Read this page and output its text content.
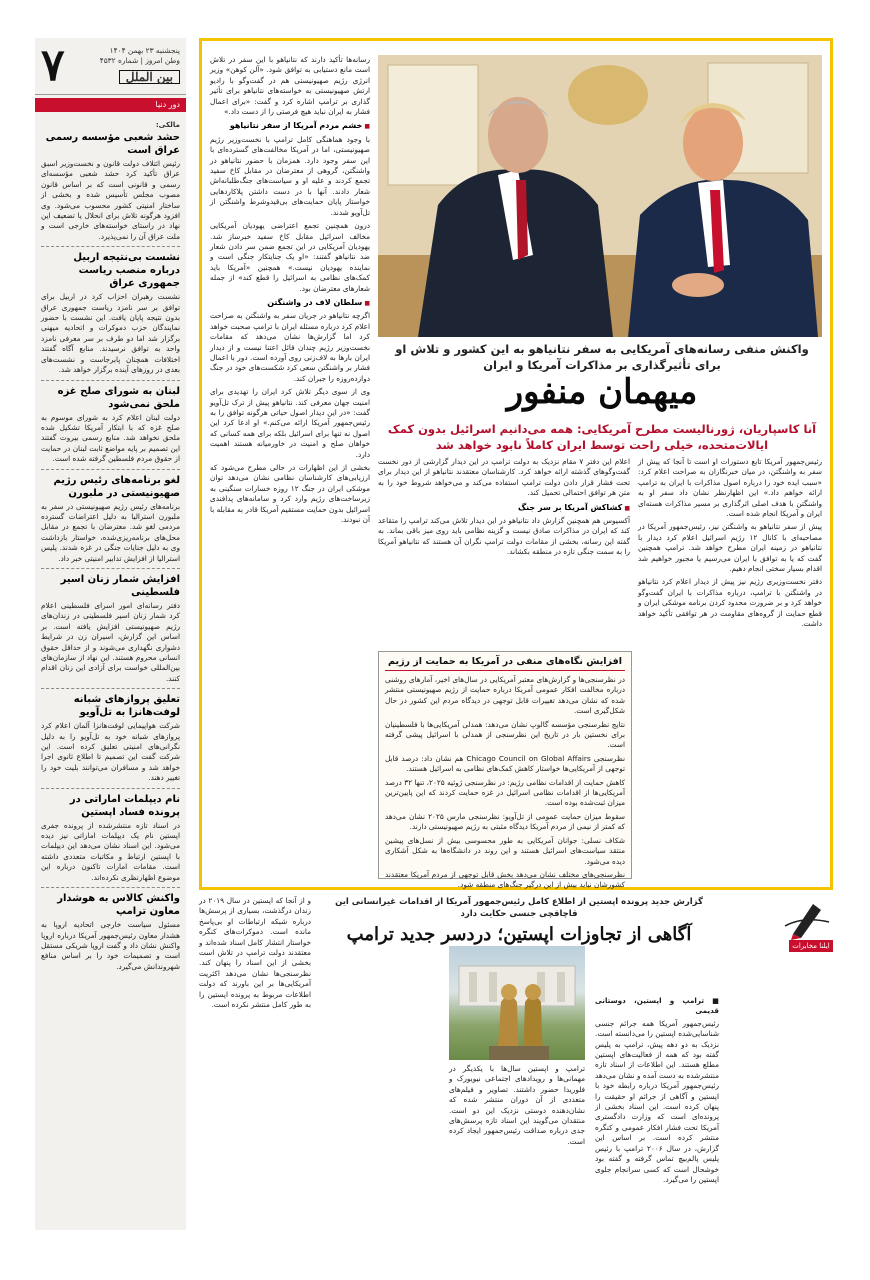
۷	پنجشنبه ۲۳ بهمن ۱۴۰۴
وطن امروز | شماره ۴۵۳۲
بین الملل
دور دنیا
مالکی:
حشد شعبی مؤسسه رسمی عراق است

رئیس ائتلاف دولت قانون و نخست‌وزیر اسبق عراق تأکید کرد حشد شعبی مؤسسه‌ای رسمی و قانونی است که بر اساس قانون مصوب مجلس تأسیس شده و بخشی از ساختار امنیتی کشور محسوب می‌شود. وی افزود هرگونه تلاش برای انحلال یا تضعیف این نهاد در راستای خواسته‌های خارجی است و ملت عراق آن را نمی‌پذیرد.

نشست بی‌نتیجه اربیل درباره منصب ریاست جمهوری عراق

نشست رهبران احزاب کرد در اربیل برای توافق بر سر نامزد ریاست جمهوری عراق بدون نتیجه پایان یافت. این نشست با حضور نمایندگان حزب دموکرات و اتحادیه میهنی برگزار شد اما دو طرف بر سر معرفی نامزد واحد به توافق نرسیدند. منابع آگاه گفتند اختلافات همچنان پابرجاست و نشست‌های بعدی در روزهای آینده برگزار خواهد شد.

لبنان به شورای صلح غزه ملحق نمی‌شود

دولت لبنان اعلام کرد به شورای موسوم به صلح غزه که با ابتکار آمریکا تشکیل شده ملحق نخواهد شد. منابع رسمی بیروت گفتند این تصمیم بر پایه مواضع ثابت لبنان در حمایت از حقوق مردم فلسطین گرفته شده است.

لغو برنامه‌های رئیس رژیم صهیونیستی در ملبورن

برنامه‌های رئیس رژیم صهیونیستی در سفر به ملبورن استرالیا به دلیل اعتراضات گسترده مردمی لغو شد. معترضان با تجمع در مقابل محل‌های برنامه‌ریزی‌شده، خواستار بازداشت وی به دلیل جنایات جنگی در غزه شدند. پلیس استرالیا از افزایش تدابیر امنیتی خبر داد.

افزایش شمار زنان اسیر فلسطینی

دفتر رسانه‌ای امور اسرای فلسطینی اعلام کرد شمار زنان اسیر فلسطینی در زندان‌های رژیم صهیونیستی افزایش یافته است. بر اساس این گزارش، اسیران زن در شرایط دشواری نگهداری می‌شوند و از حداقل حقوق انسانی محروم هستند. این نهاد از سازمان‌های بین‌المللی خواست برای آزادی این زنان اقدام کنند.

تعلیق پروازهای شبانه لوفت‌هانزا به تل‌آویو

شرکت هواپیمایی لوفت‌هانزا آلمان اعلام کرد پروازهای شبانه خود به تل‌آویو را به دلیل نگرانی‌های امنیتی تعلیق کرده است. این شرکت گفت این تصمیم تا اطلاع ثانوی اجرا خواهد شد و مسافران می‌توانند بلیت خود را تغییر دهند.

نام دیپلمات اماراتی در پرونده فساد اپستین

در اسناد تازه منتشرشده از پرونده جفری اپستین نام یک دیپلمات اماراتی نیز دیده می‌شود. این اسناد نشان می‌دهد این دیپلمات با اپستین ارتباط و مکاتبات متعددی داشته است. مقامات امارات تاکنون درباره این موضوع اظهارنظری نکرده‌اند.

واکنش کالاس به هوشدار معاون ترامپ

مسئول سیاست خارجی اتحادیه اروپا به هشدار معاون رئیس‌جمهور آمریکا درباره اروپا واکنش نشان داد و گفت اروپا شریکی مستقل است و تصمیمات خود را بر اساس منافع شهروندانش می‌گیرد.

رسانه‌ها تأکید دارند که نتانیاهو با این سفر در تلاش است مانع دستیابی به توافق شود. «آلن کوهن» وزیر انرژی رژیم صهیونیستی هم در گفت‌وگو با رادیو ارتش صهیونیستی به خواسته‌های نتانیاهو برای تأثیر گذاری بر ترامپ اشاره کرد و گفت: «برای اعمال فشار به ایران نباید هیچ فرصتی را از دست داد.»

■ خشم مردم آمریکا از سفر نتانیاهو

با وجود هماهنگی کامل ترامپ با نخست‌وزیر رژیم صهیونیستی، اما در آمریکا مخالفت‌های گسترده‌ای با این سفر وجود دارد. همزمان با حضور نتانیاهو در واشنگتن، گروهی از معترضان در مقابل کاخ سفید تجمع کردند و علیه او و سیاست‌های جنگ‌طلبانه‌اش شعار دادند. آنها با در دست داشتن پلاکاردهایی خواستار پایان حمایت‌های بی‌قیدوشرط واشنگتن از تل‌آویو شدند.

درون همچنین تجمع اعتراضی یهودیان آمریکایی مخالف اسرائیل مقابل کاخ سفید خبرساز شد. یهودیان آمریکایی در این تجمع ضمن سر دادن شعار ضد نتانیاهو گفتند: «او یک جنایتکار جنگی است و نماینده یهودیان نیست.» همچنین «آمریکا باید کمک‌های نظامی به اسرائیل را قطع کند» از جمله شعارهای معترضان بود.

■ سلطان لاف در واشنگتن

اگرچه نتانیاهو در جریان سفر به واشنگتن به صراحت اعلام کرد درباره مسئله ایران با ترامپ صحبت خواهد کرد اما گزارش‌ها نشان می‌دهد که مقامات نخست‌وزیر رژیم چندان قائل اعتنا نیست و از دیدار ایران بارها به لاف‌زنی روی آورده است. دور با اعمال فشار بر واشنگتن سعی کرد شکست‌های خود در جنگ دوازده‌روزه را جبران کند.

وی از سوی دیگر تلاش کرد ایران را تهدیدی برای امنیت جهان معرفی کند. نتانیاهو پیش از ترک تل‌آویو گفت: «در این دیدار اصول حیاتی هرگونه توافق را به رئیس‌جمهور آمریکا ارائه می‌کنم.» او ادعا کرد این اصول نه تنها برای اسرائیل بلکه برای همه کسانی که خواهان صلح و امنیت در خاورمیانه هستند اهمیت دارد.

بخشی از این اظهارات در حالی مطرح می‌شود که ارزیابی‌های کارشناسان نظامی نشان می‌دهد توان موشکی ایران در جنگ ۱۲ روزه خسارات سنگینی به زیرساخت‌های رژیم وارد کرد و سامانه‌های پدافندی اسرائیل بدون حمایت مستقیم آمریکا قادر به مقابله با آن نبودند.

واکنش منفی رسانه‌های آمریکایی به سفر نتانیاهو به این کشور و تلاش او برای تأثیرگذاری بر مذاکرات آمریکا و ایران
میهمان منفور
آنا کاسپاریان، ژورنالیست مطرح آمریکایی: همه می‌دانیم اسرائیل بدون کمک ایالات‌متحده، خیلی راحت توسط ایران کاملاً نابود خواهد شد

رئیس‌جمهور آمریکا تابع دستورات او است تا آنجا که پیش از سفر به واشنگتن، در میان خبرنگاران به صراحت اعلام کرد: «سبب ایده خود را درباره اصول مذاکرات با ایران به ترامپ ارائه خواهم داد.» این اظهارنظر نشان داد سفر او به واشنگتن با هدف اصلی اثرگذاری بر مسیر مذاکرات هسته‌ای ایران و آمریکا انجام شده است.

پیش از سفر نتانیاهو به واشنگتن نیز، رئیس‌جمهور آمریکا در مصاحبه‌ای با کانال ۱۲ رژیم اسرائیل اعلام کرد دیدار با نتانیاهو در زمینه ایران مطرح خواهد شد. ترامپ همچنین گفت که یا به توافق با ایران می‌رسیم یا مجبور خواهیم شد اقدام بسیار سختی انجام دهیم.

دفتر نخست‌وزیری رژیم نیز پیش از دیدار اعلام کرد نتانیاهو در واشنگتن با ترامپ، درباره مذاکرات با ایران گفت‌وگو خواهد کرد و بر ضرورت محدود کردن برنامه موشکی ایران و قطع حمایت از گروه‌های مقاومت در هر توافقی تأکید خواهد داشت.

اعلام این دفتر ۷ مقام نزدیک به دولت ترامپ در این دیدار گزارشی از دور نخست گفت‌وگوهای گذشته ارائه خواهد کرد. کارشناسان معتقدند نتانیاهو از این دیدار برای تحت فشار قرار دادن دولت ترامپ استفاده می‌کند و می‌خواهد شروط خود را به متن هر توافق احتمالی تحمیل کند.

■ کشاکش آمریکا بر سر جنگ

آکسیوس هم همچنین گزارش داد نتانیاهو در این دیدار تلاش می‌کند ترامپ را متقاعد کند که ایران در مذاکرات صادق نیست و گزینه نظامی باید روی میز باقی بماند. به گفته این رسانه، بخشی از مقامات دولت ترامپ نگران آن هستند که نتانیاهو آمریکا را به سمت جنگی تازه در منطقه بکشاند.

افزایش نگاه‌های منفی در آمریکا به حمایت از رژیم

در نظرسنجی‌ها و گزارش‌های معتبر آمریکایی در سال‌های اخیر، آمارهای روشنی درباره مخالفت افکار عمومی آمریکا درباره حمایت از رژیم صهیونیستی منتشر شده که نشان می‌دهد تغییرات قابل توجهی در دیدگاه مردم این کشور در حال شکل‌گیری است.

نتایج نظرسنجی مؤسسه گالوپ نشان می‌دهد: همدلی آمریکایی‌ها با فلسطینیان برای نخستین بار در تاریخ این نظرسنجی از همدلی با اسرائیل پیشی گرفته است.

نظرسنجی Chicago Council on Global Affairs هم نشان داد: درصد قابل توجهی از آمریکایی‌ها خواستار کاهش کمک‌های نظامی به اسرائیل هستند.

کاهش حمایت از اقدامات نظامی رژیم: در نظرسنجی ژوئیه ۲۰۲۵، تنها ۳۲ درصد آمریکایی‌ها از اقدامات نظامی اسرائیل در غزه حمایت کردند که این پایین‌ترین میزان ثبت‌شده بوده است.

سقوط میزان حمایت عمومی از تل‌آویو: نظرسنجی مارس ۲۰۲۵ نشان می‌دهد که کمتر از نیمی از مردم آمریکا دیدگاه مثبتی به رژیم صهیونیستی دارند.

شکاف نسلی: جوانان آمریکایی به طور محسوسی بیش از نسل‌های پیشین منتقد سیاست‌های اسرائیل هستند و این روند در دانشگاه‌ها به شکل آشکاری دیده می‌شود.

نظرسنجی‌های مختلف نشان می‌دهد بخش قابل توجهی از مردم آمریکا معتقدند کشورشان نباید بیش از این درگیر جنگ‌های منطقه شود.

ایلنا مخابرات
گزارش جدید پرونده اپستین از اطلاع کامل رئیس‌جمهور آمریکا از اقدامات غیرانسانی این قاچاقچی جنسی حکایت دارد
آگاهی از تجاوزات اپستین؛ دردسر جدید ترامپ
■ ترامپ و اپستین، دوستانی قدیمی

رئیس‌جمهور آمریکا همه جرائم جنسی شناسایی‌شده اپستین را می‌دانسته است. نزدیک به دو دهه پیش، ترامپ به پلیس گفته بود که همه از فعالیت‌های اپستین مطلع هستند. این اطلاعات از اسناد تازه منتشرشده به دست آمده و نشان می‌دهد رئیس‌جمهور آمریکا درباره رابطه خود با اپستین و آگاهی از جرائم او حقیقت را پنهان کرده است. این اسناد بخشی از پرونده‌ای است که وزارت دادگستری آمریکا تحت فشار افکار عمومی و کنگره منتشر کرده است. بر اساس این گزارش، در سال ۲۰۰۶ ترامپ با رئیس پلیس پالم‌بیچ تماس گرفته و گفته بود خوشحال است که کسی سرانجام جلوی اپستین را می‌گیرد.

ترامپ و اپستین سال‌ها با یکدیگر در مهمانی‌ها و رویدادهای اجتماعی نیویورک و فلوریدا حضور داشتند. تصاویر و فیلم‌های متعددی از آن دوران منتشر شده که نشان‌دهنده دوستی نزدیک این دو است. منتقدان می‌گویند این اسناد تازه پرسش‌های جدی درباره صداقت رئیس‌جمهور ایجاد کرده است.

و از آنجا که اپستین در سال ۲۰۱۹ در زندان درگذشت، بسیاری از پرسش‌ها درباره شبکه ارتباطات او بی‌پاسخ مانده است. دموکرات‌های کنگره خواستار انتشار کامل اسناد شده‌اند و معتقدند دولت ترامپ در تلاش است بخشی از این اسناد را پنهان کند. نظرسنجی‌ها نشان می‌دهد اکثریت آمریکایی‌ها بر این باورند که دولت اطلاعات مربوط به پرونده اپستین را به طور کامل منتشر نکرده است.
